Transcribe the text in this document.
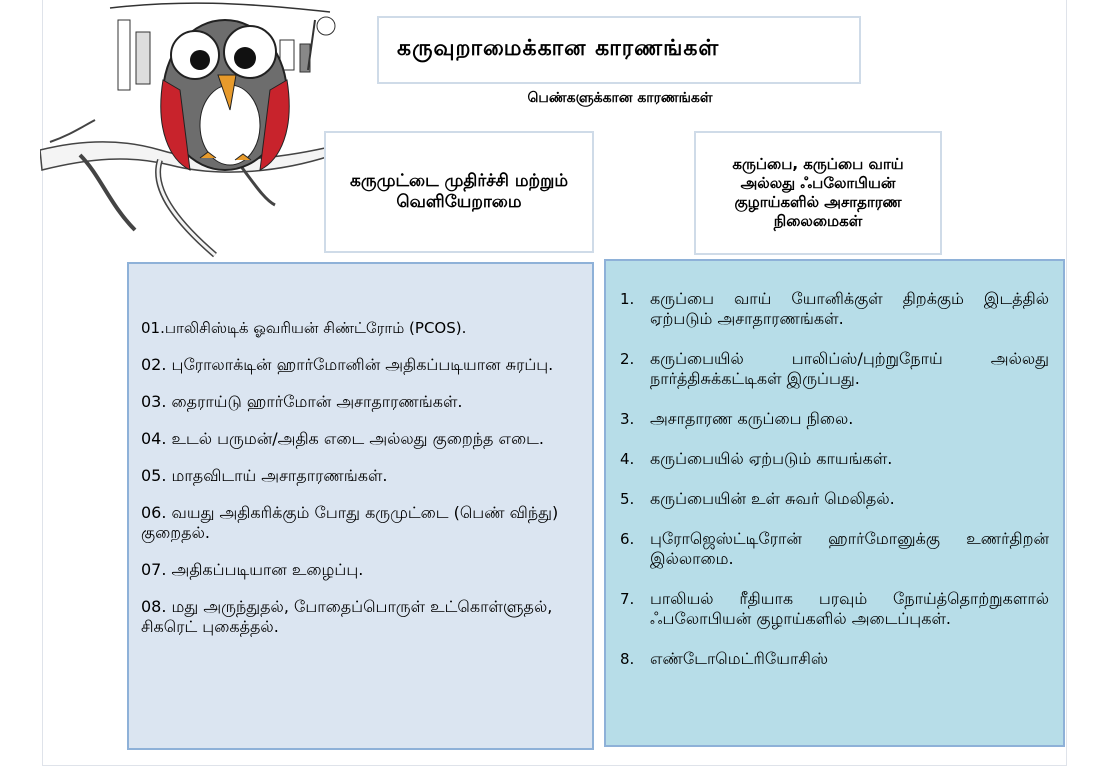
கருவுறாமைக்கான காரணங்கள்
பெண்களுக்கான காரணங்கள்
கருமுட்டை முதிர்ச்சி மற்றும் வெளியேறாமை
கருப்பை, கருப்பை வாய் அல்லது ஃபலோபியன் குழாய்களில் அசாதாரண நிலைமைகள்
01.பாலிசிஸ்டிக் ஓவரியன் சிண்ட்ரோம் (PCOS).
02. புரோலாக்டின் ஹார்மோனின் அதிகப்படியான சுரப்பு.
03. தைராய்டு ஹார்மோன் அசாதாரணங்கள்.
04. உடல் பருமன்/அதிக எடை அல்லது குறைந்த எடை.
05. மாதவிடாய் அசாதாரணங்கள்.
06. வயது அதிகரிக்கும் போது கருமுட்டை (பெண் விந்து) குறைதல்.
07. அதிகப்படியான உழைப்பு.
08. மது அருந்துதல், போதைப்பொருள் உட்கொள்ளுதல், சிகரெட் புகைத்தல்.
1. கருப்பை வாய் யோனிக்குள் திறக்கும் இடத்தில் ஏற்படும் அசாதாரணங்கள்.
2. கருப்பையில் பாலிப்ஸ்/புற்றுநோய் அல்லது நார்த்திசுக்கட்டிகள் இருப்பது.
3. அசாதாரண கருப்பை நிலை.
4. கருப்பையில் ஏற்படும் காயங்கள்.
5. கருப்பையின் உள் சுவர் மெலிதல்.
6. புரோஜெஸ்ட்டிரோன் ஹார்மோனுக்கு உணர்திறன் இல்லாமை.
7. பாலியல் ரீதியாக பரவும் நோய்த்தொற்றுகளால் ஃபலோபியன் குழாய்களில் அடைப்புகள்.
8. எண்டோமெட்ரியோசிஸ்
